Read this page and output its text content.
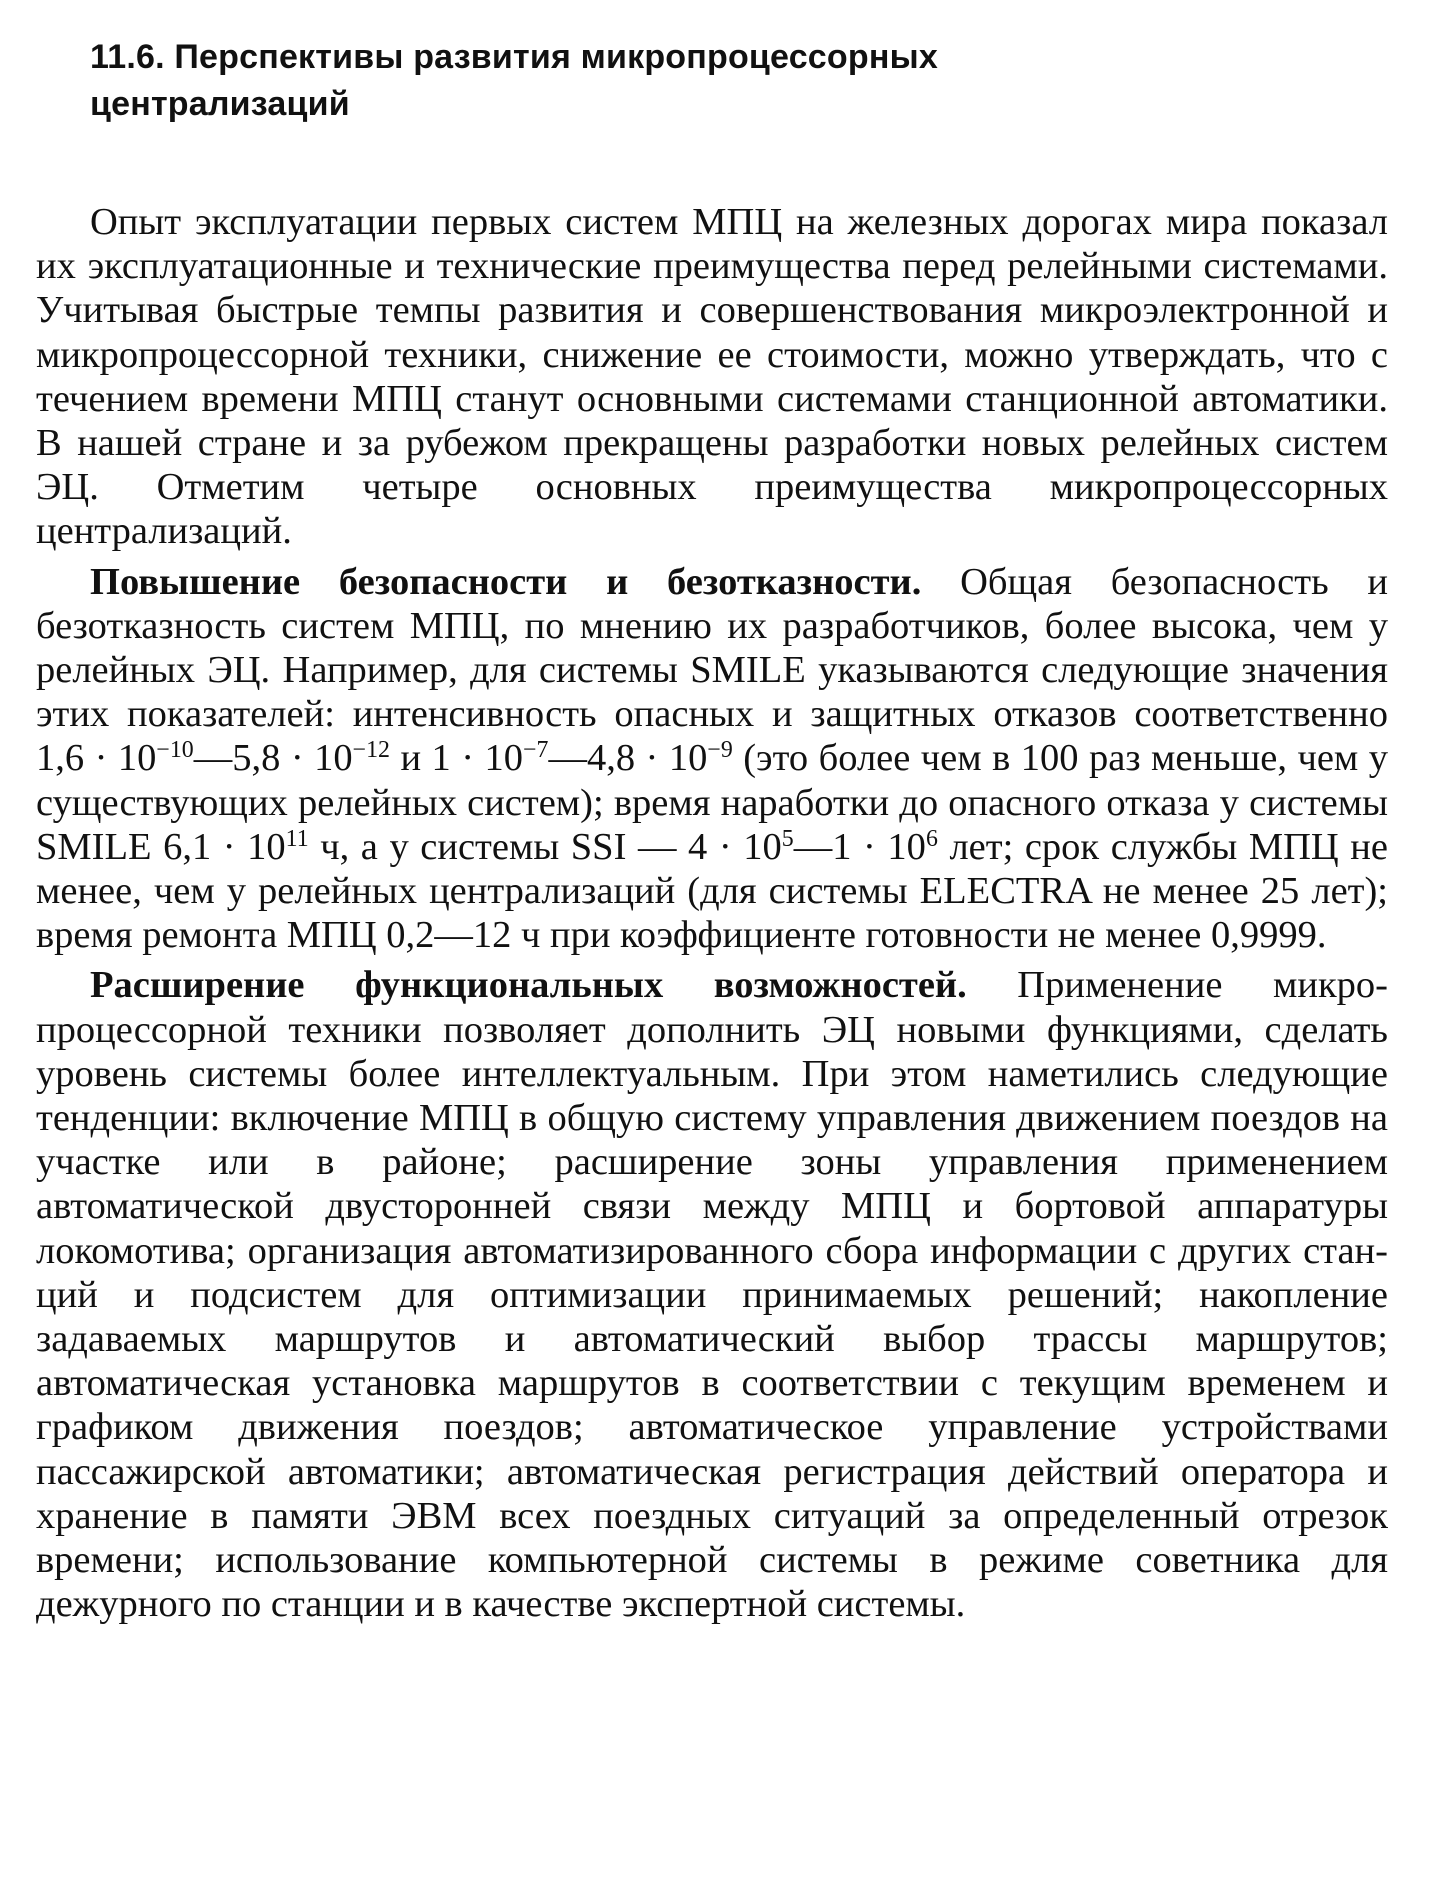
11.6. Перспективы развития микропроцессорных централизаций

Опыт эксплуатации первых систем МПЦ на железных дорогах мира показал их эксплуатационные и технические преимущества перед релейными системами. Учитывая быстрые темпы развития и совершенствования микроэлектронной и микропроцессорной техники, снижение ее стоимости, можно утверждать, что с течением времени МПЦ станут основными системами станционной автоматики. В нашей стране и за рубежом прекращены разработки новых релейных систем ЭЦ. Отметим четыре основных преимущества микропроцессорных централизаций.

Повышение безопасности и безотказности. Общая безопасность и безотказность систем МПЦ, по мнению их разработчиков, более высока, чем у релейных ЭЦ. Например, для системы SMILE указываются следующие значения этих показателей: интенсивность опасных и защитных отказов соответственно $1,6 \cdot 10^{-10}—5,8 \cdot 10^{-12}$ и $1 \cdot 10^{-7}—4,8 \cdot 10^{-9}$ (это более чем в 100 раз меньше, чем у существующих релейных систем); время наработки до опасного отказа у системы SMILE $6,1 \cdot 10^{11}$ ч, а у системы SSI — $4 \cdot 10^5—1 \cdot 10^6$ лет; срок службы МПЦ не менее, чем у релейных централизаций (для системы ELECTRA не менее 25 лет); время ремонта МПЦ 0,2—12 ч при коэффициенте готовности не менее 0,9999.

Расширение функциональных возможностей. Применение микропроцессорной техники позволяет дополнить ЭЦ новыми функциями, сделать уровень системы более интеллектуальным. При этом наметились следующие тенденции: включение МПЦ в общую систему управления движением поездов на участке или в районе; расширение зоны управления применением автоматической двусторонней связи между МПЦ и бортовой аппаратуры локомотива; организация автоматизированного сбора информации с других станций и подсистем для оптимизации принимаемых решений; накопление задаваемых маршрутов и автоматический выбор трассы маршрутов; автоматическая установка маршрутов в соответствии с текущим временем и графиком движения поездов; автоматическое управление устройствами пассажирской автоматики; автоматическая регистрация действий оператора и хранение в памяти ЭВМ всех поездных ситуаций за определенный отрезок времени; использование компьютерной системы в режиме советника для дежурного по станции и в качестве экспертной системы.
